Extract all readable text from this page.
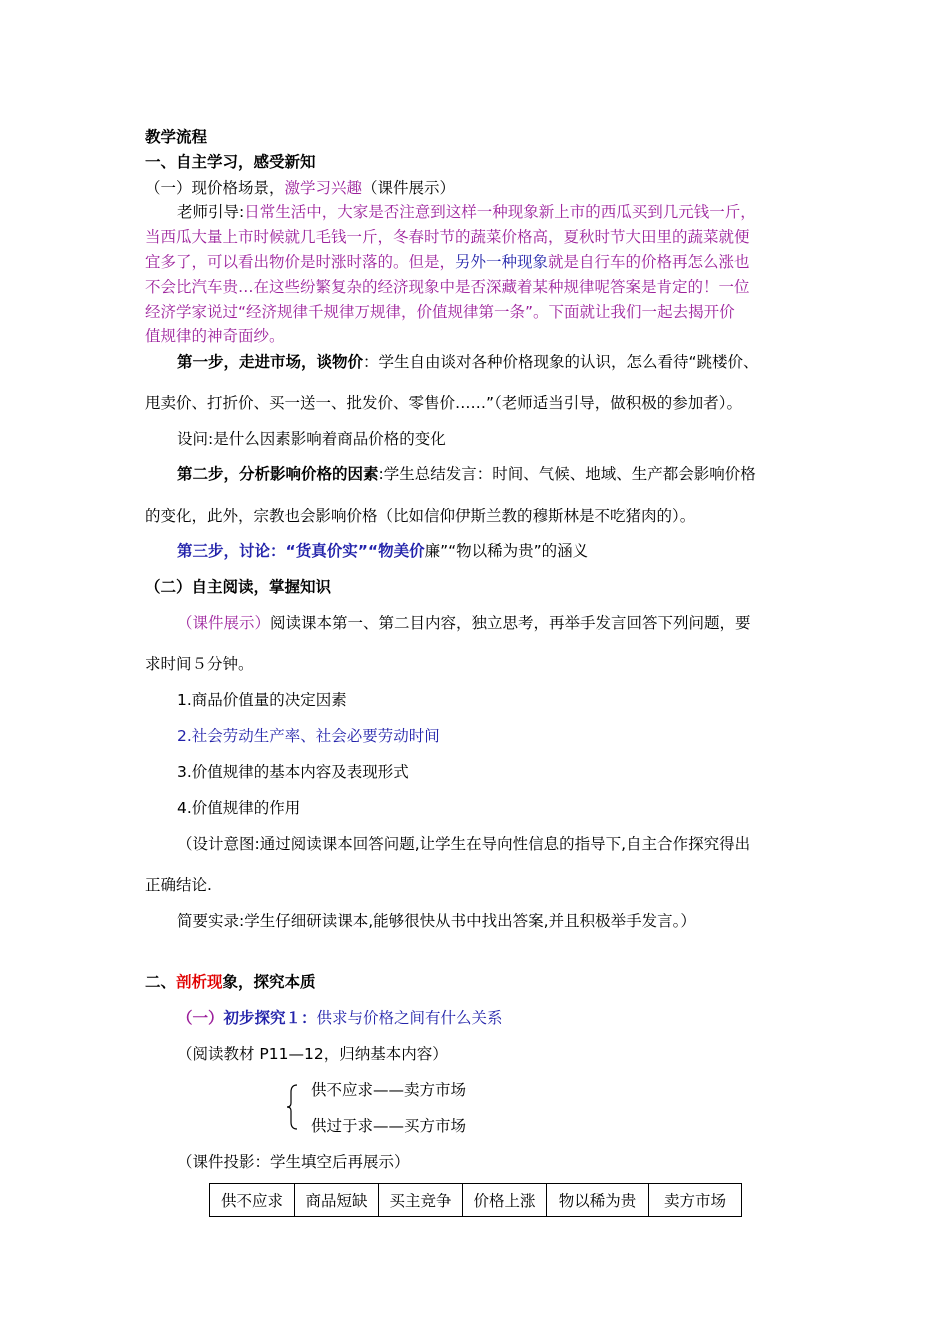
教学流程
一、自主学习，感受新知
（一）现价格场景，激学习兴趣（课件展示）
老师引导:日常生活中，大家是否注意到这样一种现象新上市的西瓜买到几元钱一斤，
当西瓜大量上市时候就几毛钱一斤，冬春时节的蔬菜价格高，夏秋时节大田里的蔬菜就便
宜多了，可以看出物价是时涨时落的。但是，另外一种现象就是自行车的价格再怎么涨也
不会比汽车贵…在这些纷繁复杂的经济现象中是否深藏着某种规律呢答案是肯定的！一位
经济学家说过“经济规律千规律万规律，价值规律第一条”。下面就让我们一起去揭开价
值规律的神奇面纱。
第一步，走进市场，谈物价：学生自由谈对各种价格现象的认识，怎么看待“跳楼价、
甩卖价、打折价、买一送一、批发价、零售价……”（老师适当引导，做积极的参加者）。
设问:是什么因素影响着商品价格的变化
第二步，分析影响价格的因素:学生总结发言：时间、气候、地域、生产都会影响价格
的变化，此外，宗教也会影响价格（比如信仰伊斯兰教的穆斯林是不吃猪肉的）。
第三步，讨论：“货真价实”“物美价廉”“物以稀为贵”的涵义
（二）自主阅读，掌握知识
（课件展示）阅读课本第一、第二目内容，独立思考，再举手发言回答下列问题，要
求时间５分钟。
1.商品价值量的决定因素
2.社会劳动生产率、社会必要劳动时间
3.价值规律的基本内容及表现形式
4.价值规律的作用
（设计意图:通过阅读课本回答问题,让学生在导向性信息的指导下,自主合作探究得出
正确结论.
简要实录:学生仔细研读课本,能够很快从书中找出答案,并且积极举手发言。）
二、剖析现象，探究本质
（一）初步探究１：供求与价格之间有什么关系
（阅读教材 P11—12，归纳基本内容）
供不应求——卖方市场
供过于求——买方市场
（课件投影：学生填空后再展示）
供不应求	商品短缺	买主竞争	价格上涨	物以稀为贵	卖方市场
